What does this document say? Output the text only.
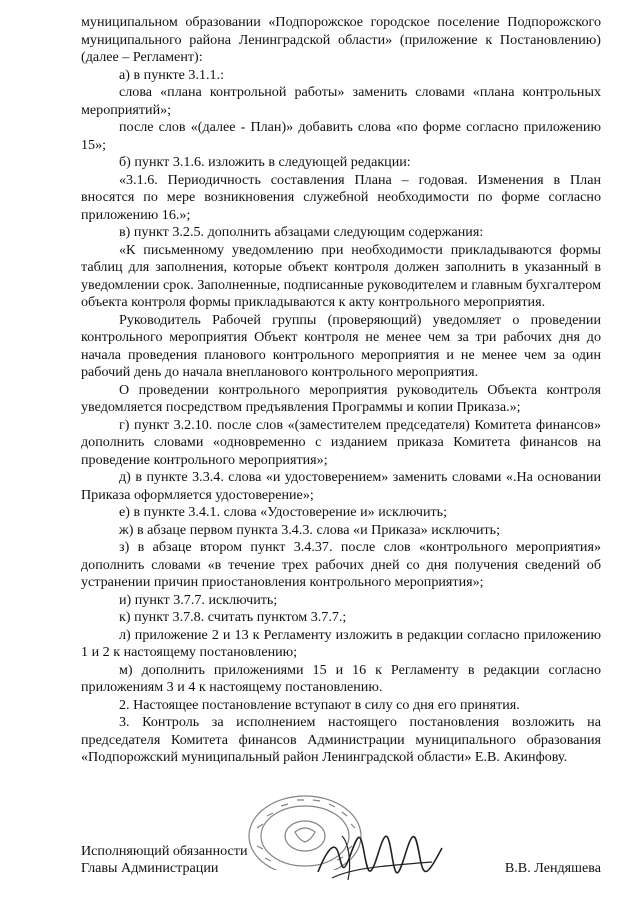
муниципальном образовании «Подпорожское городское поселение Подпорожского муниципального района Ленинградской области» (приложение к Постановлению) (далее – Регламент):

а) в пункте 3.1.1.:

слова «плана контрольной работы» заменить словами «плана контрольных мероприятий»;

после слов «(далее - План)» добавить слова «по форме согласно приложению 15»;

б) пункт 3.1.6. изложить в следующей редакции:

«3.1.6. Периодичность составления Плана – годовая. Изменения в План вносятся по мере возникновения служебной необходимости по форме согласно приложению 16.»;

в) пункт 3.2.5. дополнить абзацами следующим содержания:

«К письменному уведомлению при необходимости прикладываются формы таблиц для заполнения, которые объект контроля должен заполнить в указанный в уведомлении срок. Заполненные, подписанные руководителем и главным бухгалтером объекта контроля формы прикладываются к акту контрольного мероприятия.

Руководитель Рабочей группы (проверяющий) уведомляет о проведении контрольного мероприятия Объект контроля не менее чем за три рабочих дня до начала проведения планового контрольного мероприятия и не менее чем за один рабочий день до начала внепланового контрольного мероприятия.

О проведении контрольного мероприятия руководитель Объекта контроля уведомляется посредством предъявления Программы и копии Приказа.»;

г) пункт 3.2.10. после слов «(заместителем председателя) Комитета финансов» дополнить словами «одновременно с изданием приказа Комитета финансов на проведение контрольного мероприятия»;

д) в пункте 3.3.4. слова «и удостоверением» заменить словами «.На основании Приказа оформляется удостоверение»;

е) в пункте 3.4.1. слова «Удостоверение и» исключить;

ж) в абзаце первом пункта 3.4.3. слова «и Приказа» исключить;

з) в абзаце втором пункт 3.4.37. после слов «контрольного мероприятия» дополнить словами «в течение трех рабочих дней со дня получения сведений об устранении причин приостановления контрольного мероприятия»;

и) пункт 3.7.7. исключить;

к) пункт 3.7.8. считать пунктом 3.7.7.;

л) приложение 2 и 13 к Регламенту изложить в редакции согласно приложению 1 и 2 к настоящему постановлению;

м) дополнить приложениями 15 и 16 к Регламенту в редакции согласно приложениям 3 и 4 к настоящему постановлению.

2. Настоящее постановление вступают в силу со дня его принятия.

3. Контроль за исполнением настоящего постановления возложить на председателя Комитета финансов Администрации муниципального образования «Подпорожский муниципальный район Ленинградской области» Е.В. Акинфову.

Исполняющий обязанности
Главы Администрации	В.В. Лендяшева
